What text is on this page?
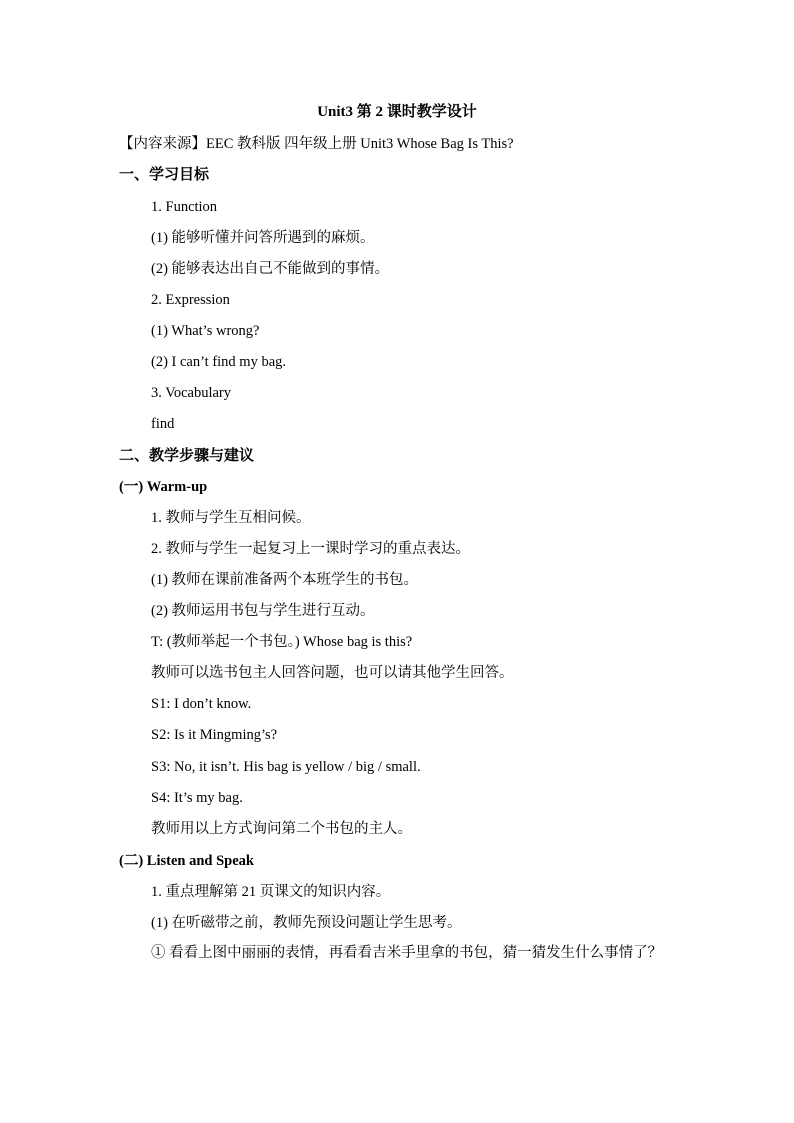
Unit3 第 2 课时教学设计
【内容来源】EEC 教科版 四年级上册 Unit3 Whose Bag Is This?
一、学习目标
1. Function
(1) 能够听懂并问答所遇到的麻烦。
(2) 能够表达出自己不能做到的事情。
2. Expression
(1) What’s wrong?
(2) I can’t find my bag.
3. Vocabulary
find
二、教学步骤与建议
(一) Warm-up
1. 教师与学生互相问候。
2. 教师与学生一起复习上一课时学习的重点表达。
(1) 教师在课前准备两个本班学生的书包。
(2) 教师运用书包与学生进行互动。
T: (教师举起一个书包。) Whose bag is this?
教师可以选书包主人回答问题，也可以请其他学生回答。
S1: I don’t know.
S2: Is it Mingming’s?
S3: No, it isn’t. His bag is yellow / big / small.
S4: It’s my bag.
教师用以上方式询问第二个书包的主人。
(二) Listen and Speak
1. 重点理解第 21 页课文的知识内容。
(1) 在听磁带之前，教师先预设问题让学生思考。
① 看看上图中丽丽的表情，再看看吉米手里拿的书包，猜一猜发生什么事情了？
